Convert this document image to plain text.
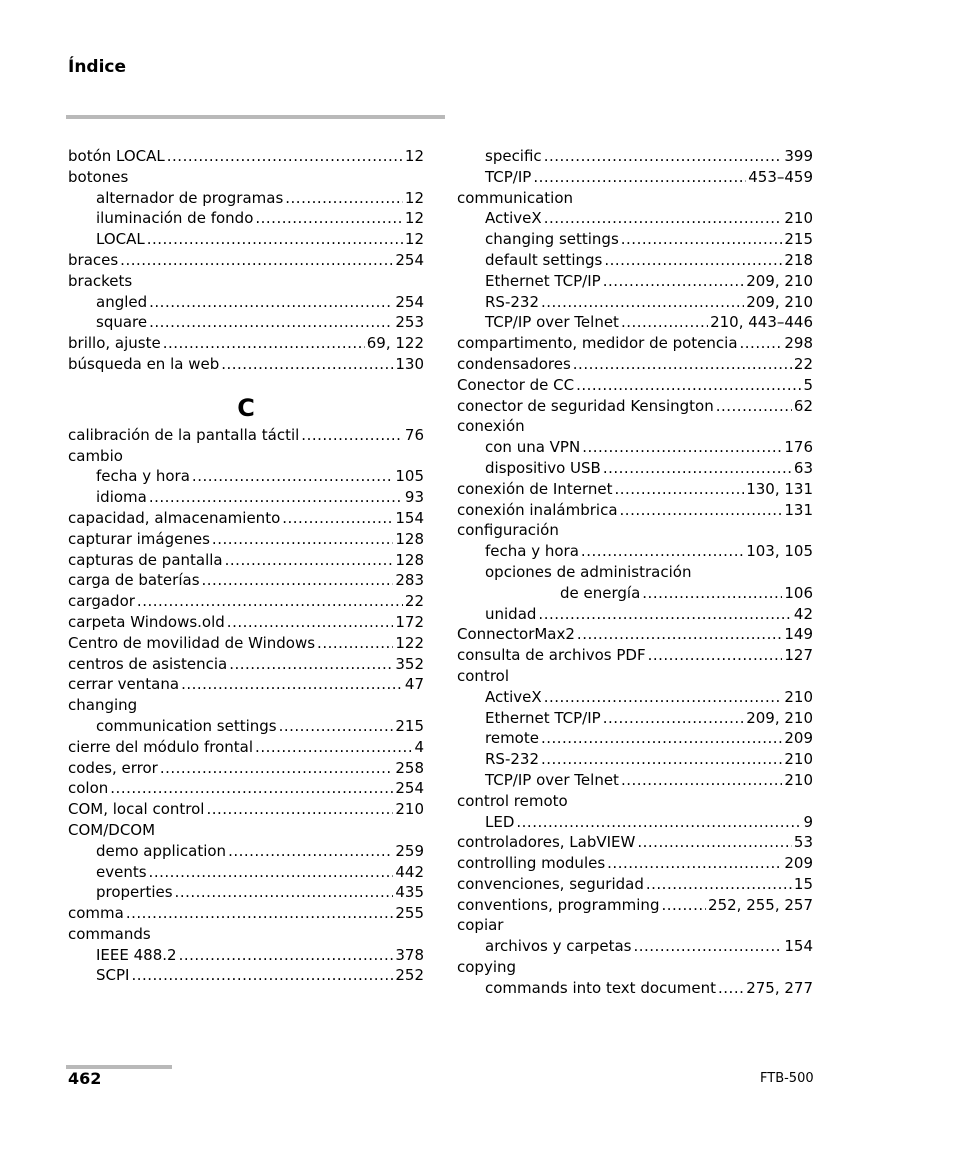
Índice
botón LOCAL .....	12
botones
alternador de programas .....	12
iluminación de fondo .....	12
LOCAL .....	12
braces .....	254
brackets
angled .....	254
square .....	253
brillo, ajuste .....	69, 122
búsqueda en la web .....	130
C
calibración de la pantalla táctil .....	76
cambio
fecha y hora .....	105
idioma .....	93
capacidad, almacenamiento .....	154
capturar imágenes .....	128
capturas de pantalla .....	128
carga de baterías .....	283
cargador .....	22
carpeta Windows.old .....	172
Centro de movilidad de Windows .....	122
centros de asistencia .....	352
cerrar ventana .....	47
changing
communication settings .....	215
cierre del módulo frontal .....	4
codes, error .....	258
colon .....	254
COM, local control .....	210
COM/DCOM
demo application .....	259
events .....	442
properties .....	435
comma .....	255
commands
IEEE 488.2 .....	378
SCPI .....	252
specific .....	399
TCP/IP .....	453–459
communication
ActiveX .....	210
changing settings .....	215
default settings .....	218
Ethernet TCP/IP .....	209, 210
RS-232 .....	209, 210
TCP/IP over Telnet .....	210, 443–446
compartimento, medidor de potencia .....	298
condensadores .....	22
Conector de CC .....	5
conector de seguridad Kensington .....	62
conexión
con una VPN .....	176
dispositivo USB .....	63
conexión de Internet .....	130, 131
conexión inalámbrica .....	131
configuración
fecha y hora .....	103, 105
opciones de administración
de energía .....	106
unidad .....	42
ConnectorMax2 .....	149
consulta de archivos PDF .....	127
control
ActiveX .....	210
Ethernet TCP/IP .....	209, 210
remote .....	209
RS-232 .....	210
TCP/IP over Telnet .....	210
control remoto
LED .....	9
controladores, LabVIEW .....	53
controlling modules .....	209
convenciones, seguridad .....	15
conventions, programming .....	252, 255, 257
copiar
archivos y carpetas .....	154
copying
commands into text document ..... 275, 277
462	FTB-500
